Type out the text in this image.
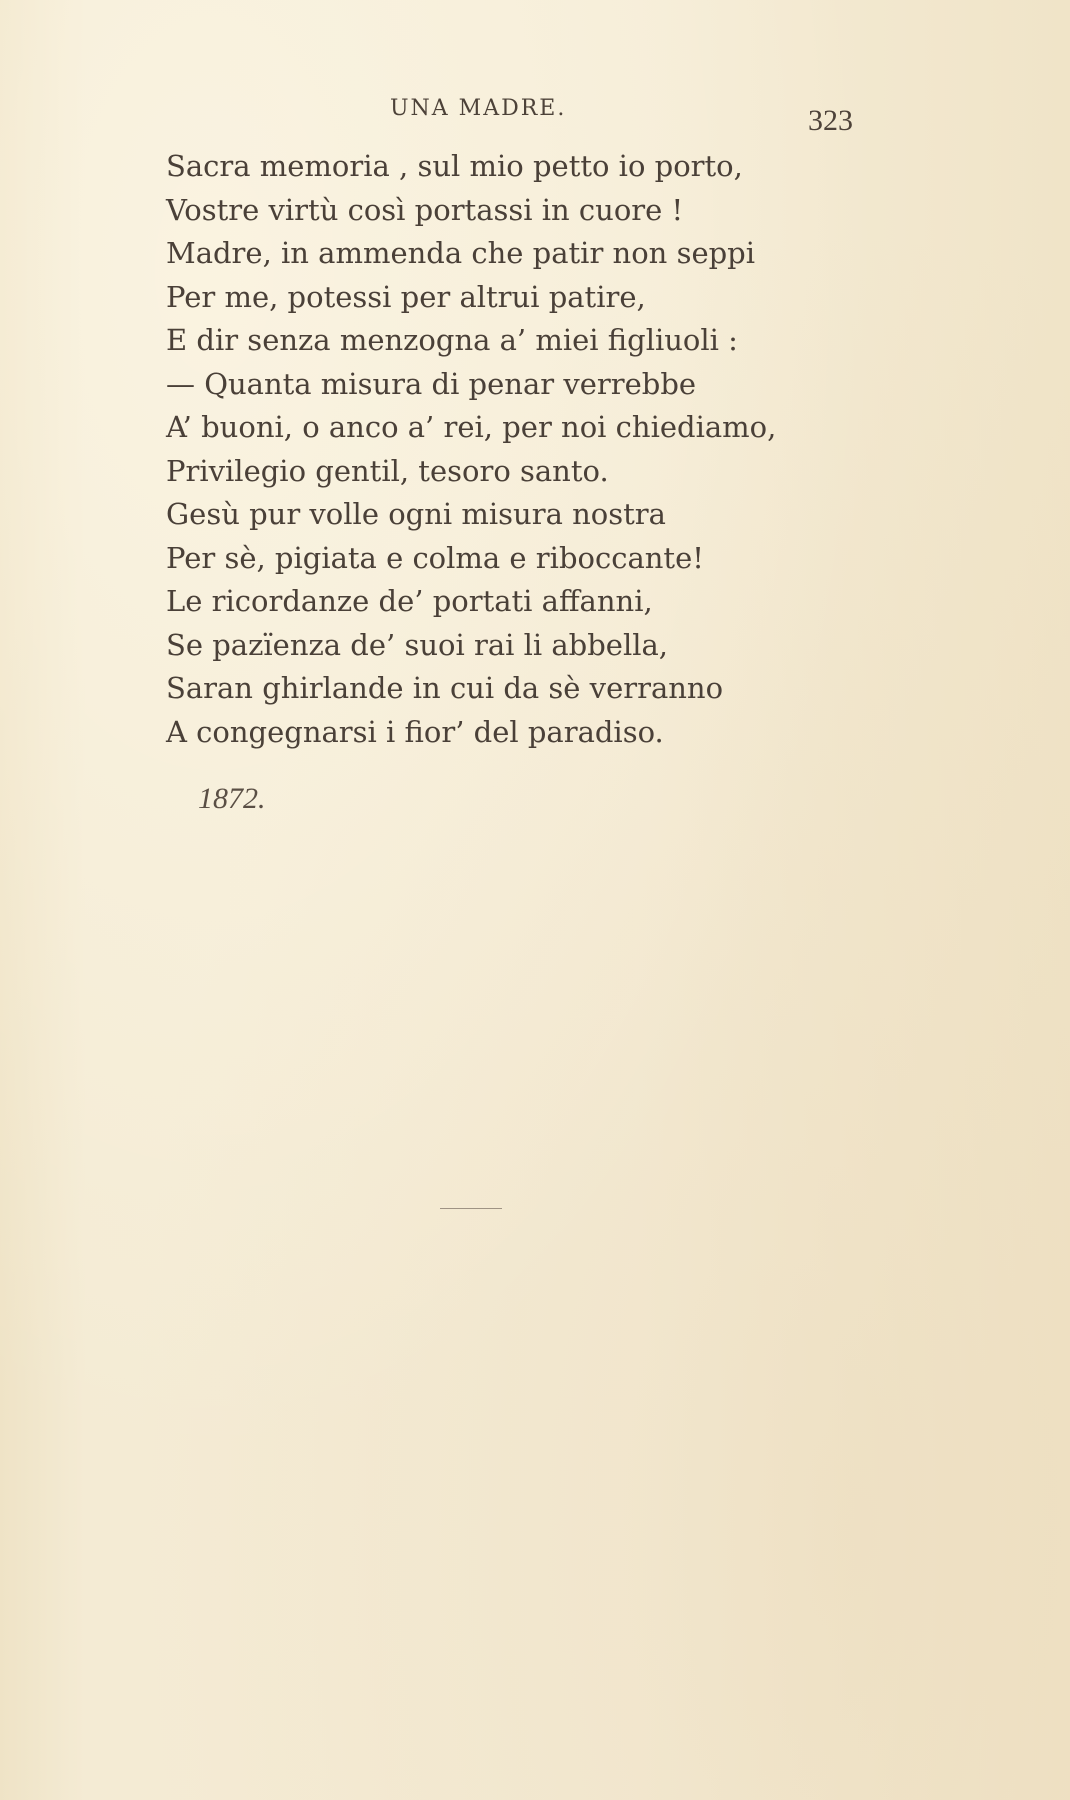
UNA MADRE.	323
Sacra memoria , sul mio petto io porto,
Vostre virtù così portassi in cuore !
Madre, in ammenda che patir non seppi
Per me, potessi per altrui patire,
E dir senza menzogna a’ miei figliuoli :
— Quanta misura di penar verrebbe
A’ buoni, o anco a’ rei, per noi chiediamo,
Privilegio gentil, tesoro santo.
Gesù pur volle ogni misura nostra
Per sè, pigiata e colma e riboccante!
Le ricordanze de’ portati affanni,
Se pazïenza de’ suoi rai li abbella,
Saran ghirlande in cui da sè verranno
A congegnarsi i fior’ del paradiso.
1872.
